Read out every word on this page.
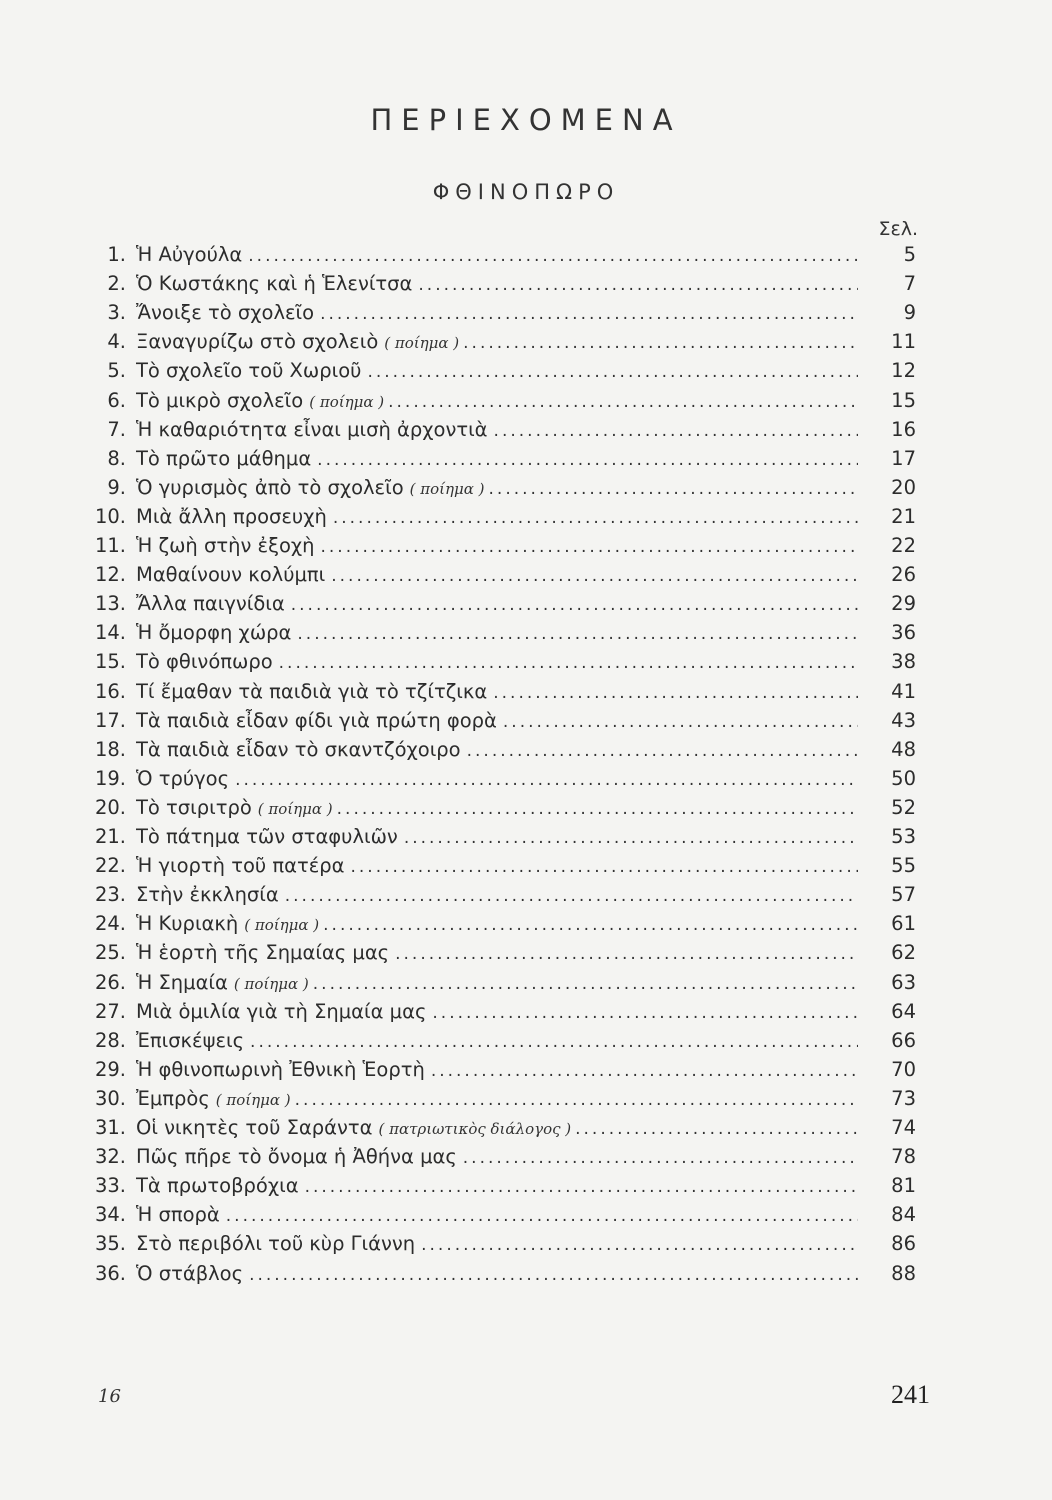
ΠΕΡΙΕΧΟΜΕΝΑ
ΦΘΙΝΟΠΩΡΟ
Σελ.
1. Ἡ Αὐγούλα .....	5
2. Ὁ Κωστάκης καὶ ἡ Ἑλενίτσα .....	7
3. Ἄνοιξε τὸ σχολεῖο .....	9
4. Ξαναγυρίζω στὸ σχολειὸ ( ποίημα ) .....	11
5. Τὸ σχολεῖο τοῦ Χωριοῦ .....	12
6. Τὸ μικρὸ σχολεῖο ( ποίημα ) .....	15
7. Ἡ καθαριότητα εἶναι μισὴ ἀρχοντιὰ .....	16
8. Τὸ πρῶτο μάθημα .....	17
9. Ὁ γυρισμὸς ἀπὸ τὸ σχολεῖο ( ποίημα ) .....	20
10. Μιὰ ἄλλη προσευχὴ .....	21
11. Ἡ ζωὴ στὴν ἐξοχὴ .....	22
12. Μαθαίνουν κολύμπι .....	26
13. Ἄλλα παιγνίδια .....	29
14. Ἡ ὄμορφη χώρα .....	36
15. Τὸ φθινόπωρο .....	38
16. Τί ἔμαθαν τὰ παιδιὰ γιὰ τὸ τζίτζικα .....	41
17. Τὰ παιδιὰ εἶδαν φίδι γιὰ πρώτη φορὰ .....	43
18. Τὰ παιδιὰ εἶδαν τὸ σκαντζόχοιρο .....	48
19. Ὁ τρύγος .....	50
20. Τὸ τσιριτρὸ ( ποίημα ) .....	52
21. Τὸ πάτημα τῶν σταφυλιῶν .....	53
22. Ἡ γιορτὴ τοῦ πατέρα .....	55
23. Στὴν ἐκκλησία .....	57
24. Ἡ Κυριακὴ ( ποίημα ) .....	61
25. Ἡ ἑορτὴ τῆς Σημαίας μας .....	62
26. Ἡ Σημαία ( ποίημα ) .....	63
27. Μιὰ ὁμιλία γιὰ τὴ Σημαία μας .....	64
28. Ἐπισκέψεις .....	66
29. Ἡ φθινοπωρινὴ Ἐθνικὴ Ἑορτὴ .....	70
30. Ἐμπρὸς ( ποίημα ) .....	73
31. Οἱ νικητὲς τοῦ Σαράντα ( πατριωτικὸς διάλογος ) .....	74
32. Πῶς πῆρε τὸ ὄνομα ἡ Ἀθήνα μας .....	78
33. Τὰ πρωτοβρόχια .....	81
34. Ἡ σπορὰ .....	84
35. Στὸ περιβόλι τοῦ κὺρ Γιάννη .....	86
36. Ὁ στάβλος .....	88
16	241
